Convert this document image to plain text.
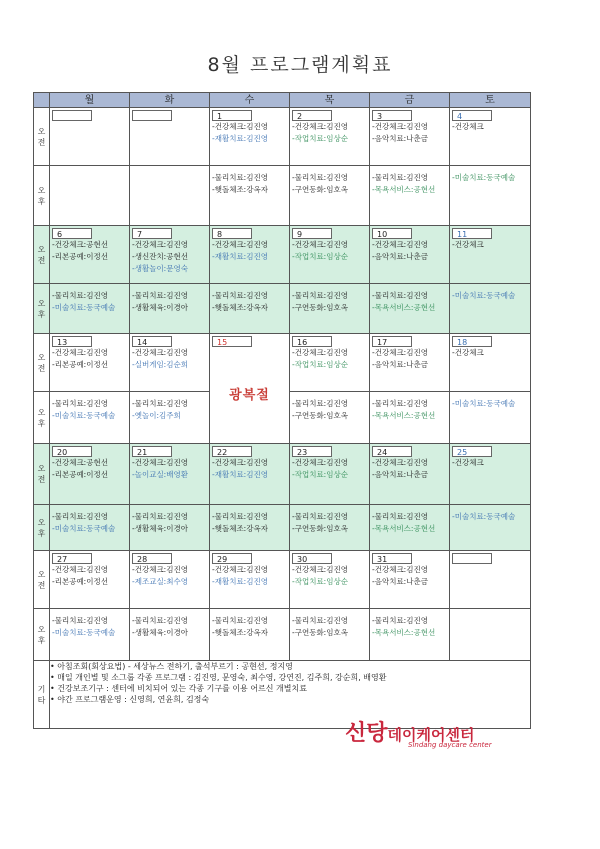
8월 프로그램계획표
	월	화	수	목	금	토
오 전			1
-건강체크:김진영
-재활치료:김진영	2
-건강체크:김진영
-작업치료:임상순	3
-건강체크:김진영
-음악치료:나춘금	4
-건강체크

오 후			-물리치료:김진영
-햇돌체조:강옥자	-물리치료:김진영
-구연동화:임호옥	-물리치료:김진영
-목욕서비스:공현선	-미술치료:동국예술

오 전	6
-건강체크:공현선
-리본공예:이정선	7
-건강체크:김진영
-생신잔치:공현선
-생활놀이:문영숙	8
-건강체크:김진영
-재활치료:김진영	9
-건강체크:김진영
-작업치료:임상순	10
-건강체크:김진영
-음악치료:나춘금	11
-건강체크

오 후	-물리치료:김진영
-미술치료:동국예술	-물리치료:김진영
-생활체육:이경아	-물리치료:김진영
-햇돌체조:강옥자	-물리치료:김진영
-구연동화:임호옥	-물리치료:김진영
-목욕서비스:공현선	-미술치료:동국예술

오 전	13
-건강체크:김진영
-리본공예:이정선	14
-건강체크:김진영
-실버게임:김순희	15
광복절	16
-건강체크:김진영
-작업치료:임상순	17
-건강체크:김진영
-음악치료:나춘금	18
-건강체크

오 후	-물리치료:김진영
-미술치료:동국예술	-물리치료:김진영
-옛놀이:김주희		-물리치료:김진영
-구연동화:임호옥	-물리치료:김진영
-목욕서비스:공현선	-미술치료:동국예술

오 전	20
-건강체크:공현선
-리본공예:이정선	21
-건강체크:김진영
-놀이교실:배영환	22
-건강체크:김진영
-재활치료:김진영	23
-건강체크:김진영
-작업치료:임상순	24
-건강체크:김진영
-음악치료:나춘금	25
-건강체크

오 후	-물리치료:김진영
-미술치료:동국예술	-물리치료:김진영
-생활체육:이경아	-물리치료:김진영
-햇돌체조:강옥자	-물리치료:김진영
-구연동화:임호옥	-물리치료:김진영
-목욕서비스:공현선	-미술치료:동국예술

오 전	27
-건강체크:김진영
-리본공예:이정선	28
-건강체크:김진영
-제조교실:최수영	29
-건강체크:김진영
-재활치료:김진영	30
-건강체크:김진영
-작업치료:임상순	31
-건강체크:김진영
-음악치료:나춘금	

오 후	-물리치료:김진영
-미술치료:동국예술	-물리치료:김진영
-생활체육:이경아	-물리치료:김진영
-햇돌체조:강옥자	-물리치료:김진영
-구연동화:임호옥	-물리치료:김진영
-목욕서비스:공현선	

기 타	• 아침조회(회상요법) - 세상뉴스 전하기, 출석부르기 : 공현선, 정지영
• 매일 개인별 및 소그룹 각종 프로그램 : 김진영, 문영숙, 최수영, 강연진, 김주희, 강순희, 배영환
• 건강보조기구 : 센터에 비치되어 있는 각종 기구를 이용 어르신 개별치료
• 야간 프로그램운영 : 신영희, 연윤희, 김정숙					
신당데이케어센터
Sindang daycare center
